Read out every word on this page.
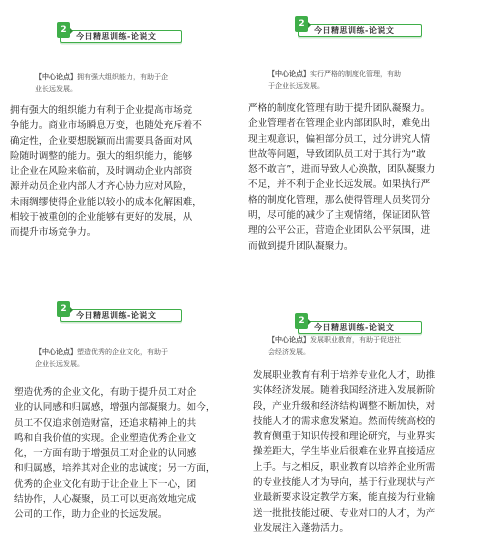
2
今日精思训练-论说文
【中心论点】拥有强大组织能力，有助于企
业长远发展。
拥有强大的组织能力有利于企业提高市场竞
争能力。商业市场瞬息万变，也随处充斥着不
确定性，企业要想脱颖而出需要具备面对风
险随时调整的能力。强大的组织能力，能够
让企业在风险来临前，及时调动企业内部资
源并动员企业内部人才齐心协力应对风险，
未雨绸缪使得企业能以较小的成本化解困难，
相较于被重创的企业能够有更好的发展，从
而提升市场竞争力。
2
今日精思训练-论说文
【中心论点】实行严格的制度化管理，有助
于企业长远发展。
严格的制度化管理有助于提升团队凝聚力。
企业管理者在管理企业内部团队时，难免出
现主观意识，偏袒部分员工，过分讲究人情
世故等问题，导致团队员工对于其行为“敢
怒不敢言”，进而导致人心涣散，团队凝聚力
不足，并不利于企业长远发展。如果执行严
格的制度化管理，那么使得管理人员奖罚分
明，尽可能的减少了主观情绪，保证团队管
理的公平公正，营造企业团队公平氛围，进
而做到提升团队凝聚力。
2
今日精思训练-论说文
【中心论点】塑造优秀的企业文化，有助于
企业长远发展。
塑造优秀的企业文化，有助于提升员工对企
业的认同感和归属感，增强内部凝聚力。如今，
员工不仅追求创造财富，还追求精神上的共
鸣和自我价值的实现。企业塑造优秀企业文
化，一方面有助于增强员工对企业的认同感
和归属感，培养其对企业的忠诚度；另一方面，
优秀的企业文化有助于让企业上下一心，团
结协作，人心凝聚，员工可以更高效地完成
公司的工作，助力企业的长远发展。
2
今日精思训练-论说文
【中心论点】发展职业教育，有助于促进社
会经济发展。
发展职业教育有利于培养专业化人才，助推
实体经济发展。随着我国经济进入发展新阶
段，产业升级和经济结构调整不断加快，对
技能人才的需求愈发紧迫。然而传统高校的
教育侧重于知识传授和理论研究，与业界实
操差距大，学生毕业后很难在业界直接适应
上手。与之相反，职业教育以培养企业所需
的专业技能人才为导向，基于行业现状与产
业最新要求设定教学方案，能直接为行业输
送一批批技能过硬、专业对口的人才，为产
业发展注入蓬勃活力。
